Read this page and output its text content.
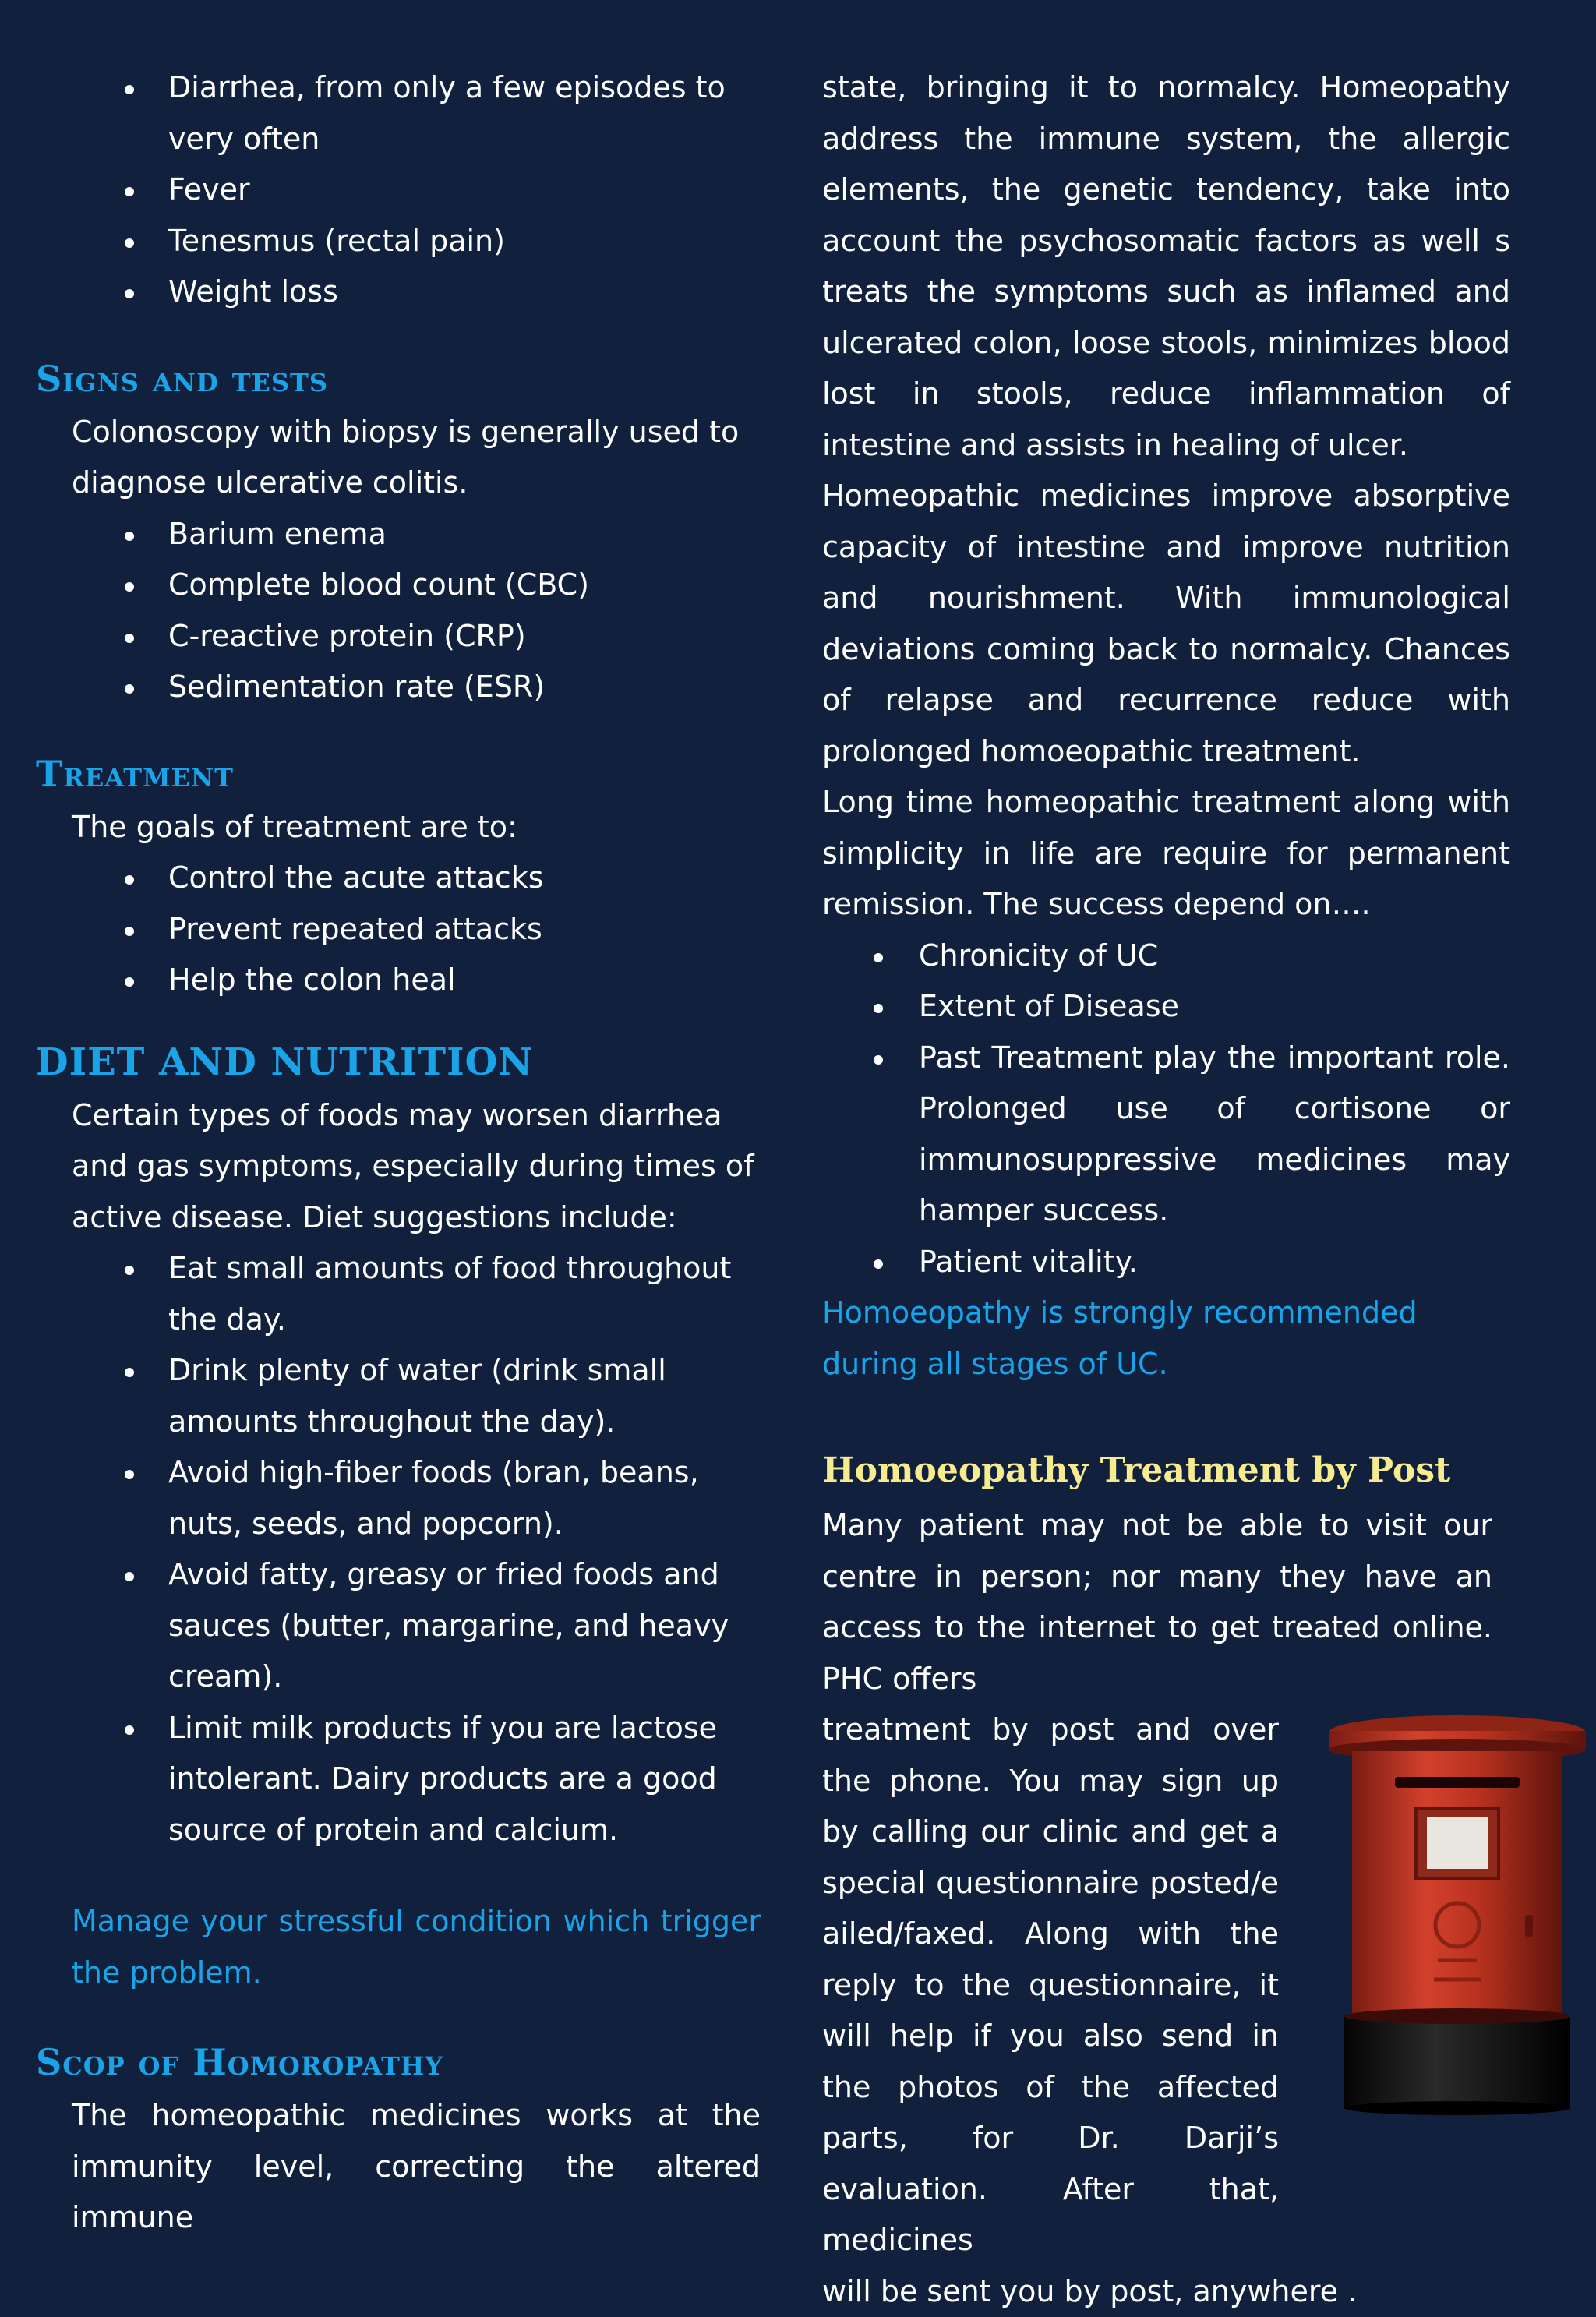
Diarrhea, from only a few episodes to very often
Fever
Tenesmus (rectal pain)
Weight loss
Signs and tests

Colonoscopy with biopsy is generally used to diagnose ulcerative colitis.

Barium enema
Complete blood count (CBC)
C-reactive protein (CRP)
Sedimentation rate (ESR)
Treatment

The goals of treatment are to:

Control the acute attacks
Prevent repeated attacks
Help the colon heal
DIET AND NUTRITION

Certain types of foods may worsen diarrhea and gas symptoms, especially during times of active disease. Diet suggestions include:

Eat small amounts of food throughout the day.
Drink plenty of water (drink small amounts throughout the day).
Avoid high-fiber foods (bran, beans, nuts, seeds, and popcorn).
Avoid fatty, greasy or fried foods and sauces (butter, margarine, and heavy cream).
Limit milk products if you are lactose intolerant. Dairy products are a good source of protein and calcium.

Manage your stressful condition which trigger the problem.

Scop of Homoropathy

The homeopathic medicines works at the immunity level, correcting the altered immune

state, bringing it to normalcy. Homeopathy address the immune system, the allergic elements, the genetic tendency, take into account the psychosomatic factors as well s treats the symptoms such as inflamed and ulcerated colon, loose stools, minimizes blood lost in stools, reduce inflammation of intestine and assists in healing of ulcer.

Homeopathic medicines improve absorptive capacity of intestine and improve nutrition and nourishment. With immunological deviations coming back to normalcy. Chances of relapse and recurrence reduce with prolonged homoeopathic treatment.

Long time homeopathic treatment along with simplicity in life are require for permanent remission. The success depend on….

Chronicity of UC
Extent of Disease
Past Treatment play the important role. Prolonged use of cortisone or immunosuppressive medicines may hamper success.
Patient vitality.

Homoeopathy is strongly recommended during all stages of UC.

Homoeopathy Treatment by Post

Many patient may not be able to visit our centre in person; nor many they have an access to the internet to get treated online. PHC offers

treatment by post and over the phone. You may sign up by calling our clinic and get a special questionnaire posted/e ailed/faxed. Along with the reply to the questionnaire, it will help if you also send in the photos of the affected parts, for Dr. Darji’s evaluation. After that, medicines

will be sent you by post, anywhere .
